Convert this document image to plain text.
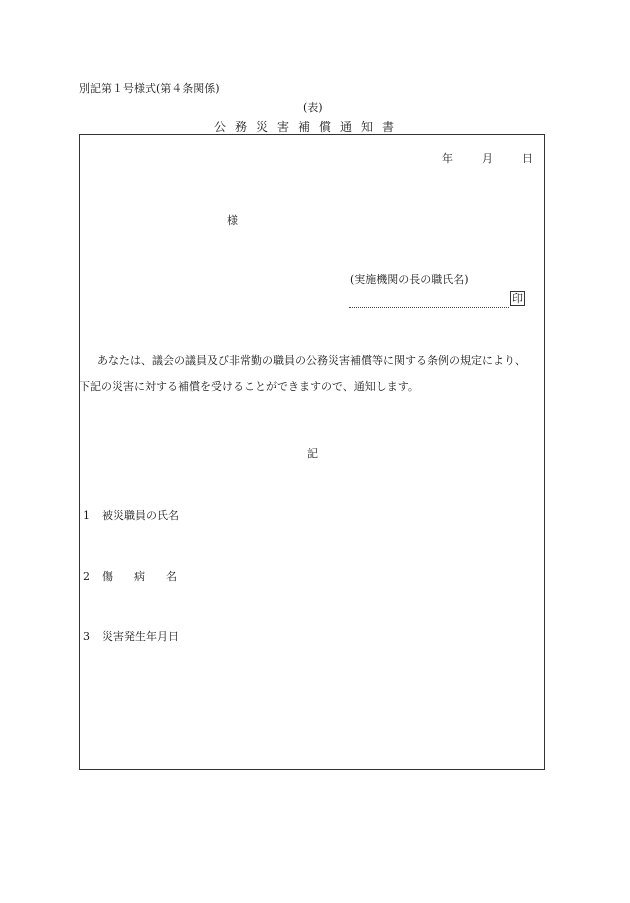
別記第１号様式(第４条関係)
(表)
公務災害補償通知書
年	月	日
様
(実施機関の長の職氏名)
印
あなたは、議会の議員及び非常勤の職員の公務災害補償等に関する条例の規定により、
下記の災害に対する補償を受けることができますので、通知します。
記
1 被災職員の氏名
2 傷病名
3 災害発生年月日
